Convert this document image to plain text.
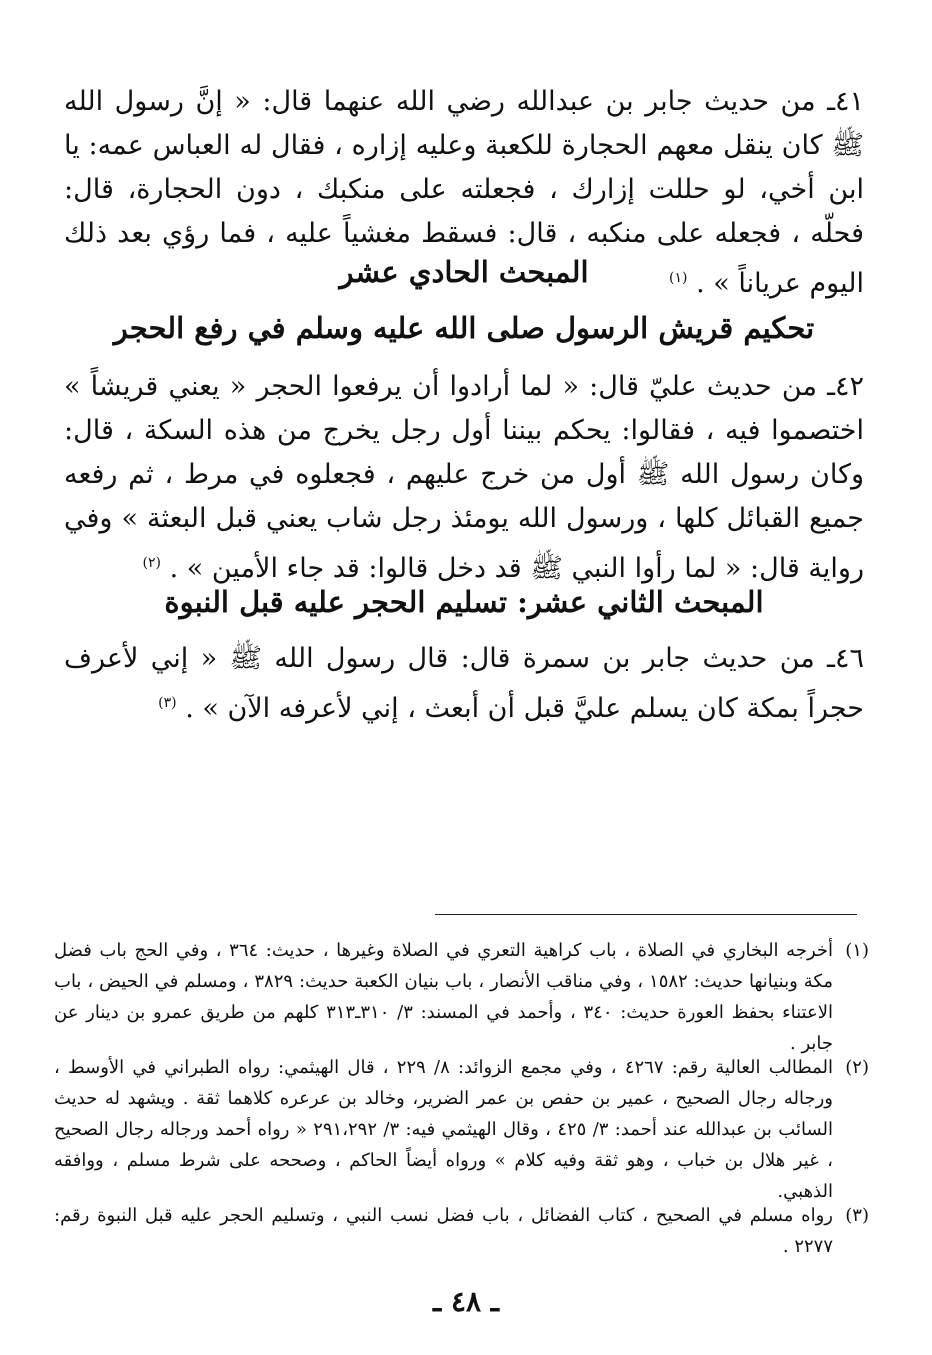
٤١ـ من حديث جابر بن عبدالله رضي الله عنهما قال: « إنَّ رسول الله ﷺ كان ينقل معهم الحجارة للكعبة وعليه إزاره ، فقال له العباس عمه: يا ابن أخي، لو حللت إزارك ، فجعلته على منكبك ، دون الحجارة، قال: فحلّه ، فجعله على منكبه ، قال: فسقط مغشياً عليه ، فما رؤي بعد ذلك اليوم عرياناً » . $^{(١)}$

المبحث الحادي عشر

تحكيم قريش الرسول صلى الله عليه وسلم في رفع الحجر

٤٢ـ من حديث عليّ قال: « لما أرادوا أن يرفعوا الحجر « يعني قريشاً » اختصموا فيه ، فقالوا: يحكم بيننا أول رجل يخرج من هذه السكة ، قال: وكان رسول الله ﷺ أول من خرج عليهم ، فجعلوه في مرط ، ثم رفعه جميع القبائل كلها ، ورسول الله يومئذ رجل شاب يعني قبل البعثة » وفي رواية قال: « لما رأوا النبي ﷺ قد دخل قالوا: قد جاء الأمين » . $^{(٢)}$

المبحث الثاني عشر: تسليم الحجر عليه قبل النبوة

٤٦ـ من حديث جابر بن سمرة قال: قال رسول الله ﷺ « إني لأعرف حجراً بمكة كان يسلم عليَّ قبل أن أبعث ، إني لأعرفه الآن » . $^{(٣)}$

(١)
أخرجه البخاري في الصلاة ، باب كراهية التعري في الصلاة وغيرها ، حديث: ٣٦٤ ، وفي الحج باب فضل مكة وبنيانها حديث: ١٥٨٢ ، وفي مناقب الأنصار ، باب بنيان الكعبة حديث: ٣٨٢٩ ، ومسلم في الحيض ، باب الاعتناء بحفظ العورة حديث: ٣٤٠ ، وأحمد في المسند: ٣/ ٣١٠ـ٣١٣ كلهم من طريق عمرو بن دينار عن جابر .
(٢)
المطالب العالية رقم: ٤٢٦٧ ، وفي مجمع الزوائد: ٨/ ٢٢٩ ، قال الهيثمي: رواه الطبراني في الأوسط ، ورجاله رجال الصحيح ، عمير بن حفص بن عمر الضرير، وخالد بن عرعره كلاهما ثقة . ويشهد له حديث السائب بن عبدالله عند أحمد: ٣/ ٤٢٥ ، وقال الهيثمي فيه: ٣/ ٢٩١،٢٩٢ « رواه أحمد ورجاله رجال الصحيح ، غير هلال بن خباب ، وهو ثقة وفيه كلام » ورواه أيضاً الحاكم ، وصححه على شرط مسلم ، ووافقه الذهبي.
(٣)
رواه مسلم في الصحيح ، كتاب الفضائل ، باب فضل نسب النبي ، وتسليم الحجر عليه قبل النبوة رقم: ٢٢٧٧ .
ـ ٤٨ ـ
